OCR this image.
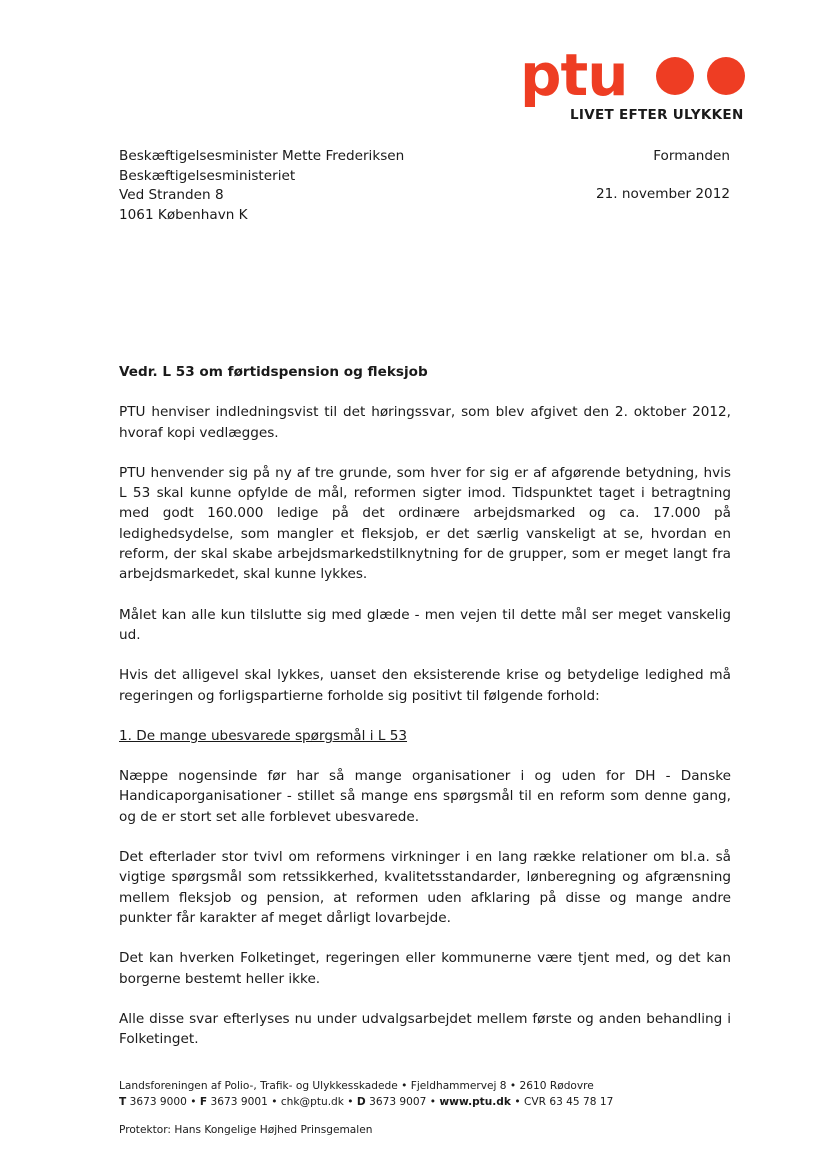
ptu
LIVET EFTER ULYKKEN
Beskæftigelsesminister Mette Frederiksen
Beskæftigelsesministeriet
Ved Stranden 8
1061 København K
Formanden
21. november 2012

Vedr. L 53 om førtidspension og fleksjob

PTU henviser indledningsvist til det høringssvar, som blev afgivet den 2. oktober 2012, hvoraf kopi vedlægges.

PTU henvender sig på ny af tre grunde, som hver for sig er af afgørende betydning, hvis L 53 skal kunne opfylde de mål, reformen sigter imod. Tidspunktet taget i betragtning med godt 160.000 ledige på det ordinære arbejdsmarked og ca. 17.000 på ledighedsydelse, som mangler et fleksjob, er det særlig vanskeligt at se, hvordan en reform, der skal skabe arbejdsmarkedstilknytning for de grupper, som er meget langt fra arbejdsmarkedet, skal kunne lykkes.

Målet kan alle kun tilslutte sig med glæde - men vejen til dette mål ser meget vanskelig ud.

Hvis det alligevel skal lykkes, uanset den eksisterende krise og betydelige ledighed må regeringen og forligspartierne forholde sig positivt til følgende forhold:

1. De mange ubesvarede spørgsmål i L 53

Næppe nogensinde før har så mange organisationer i og uden for DH - Danske Handicaporganisationer - stillet så mange ens spørgsmål til en reform som denne gang, og de er stort set alle forblevet ubesvarede.

Det efterlader stor tvivl om reformens virkninger i en lang række relationer om bl.a. så vigtige spørgsmål som retssikkerhed, kvalitetsstandarder, lønberegning og afgrænsning mellem fleksjob og pension, at reformen uden afklaring på disse og mange andre punkter får karakter af meget dårligt lovarbejde.

Det kan hverken Folketinget, regeringen eller kommunerne være tjent med, og det kan borgerne bestemt heller ikke.

Alle disse svar efterlyses nu under udvalgsarbejdet mellem første og anden behandling i Folketinget.

Landsforeningen af Polio-, Trafik- og Ulykkesskadede • Fjeldhammervej 8 • 2610 Rødovre
T 3673 9000 • F 3673 9001 • chk@ptu.dk • D 3673 9007 • www.ptu.dk • CVR 63 45 78 17
Protektor: Hans Kongelige Højhed Prinsgemalen
